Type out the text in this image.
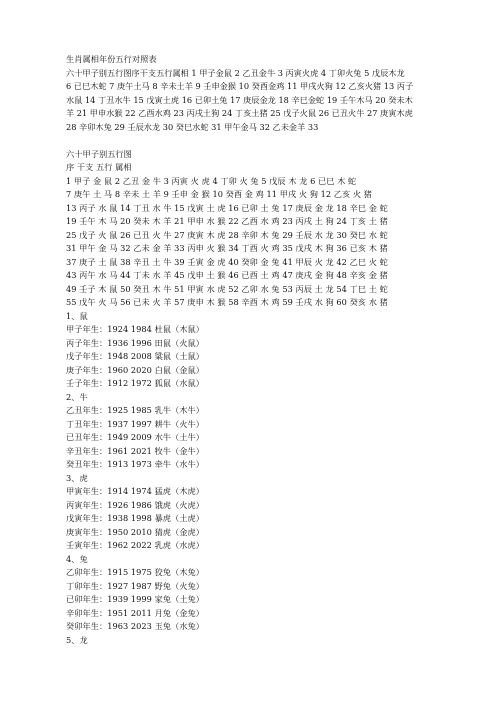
生肖属相年份五行对照表
六十甲子别五行图序干支五行属相 1 甲子金鼠 2 乙丑金牛 3 丙寅火虎 4 丁卯火兔 5 戊辰木龙
6 已巳木蛇 7 庚午土马 8 辛未土羊 9 壬申金猴 10 癸酉金鸡 11 甲戌火狗 12 乙亥火猪 13 丙子
水鼠 14 丁丑水牛 15 戊寅土虎 16 已卯土兔 17 庚辰金龙 18 辛巳金蛇 19 壬午木马 20 癸未木
羊 21 甲申水猴 22 乙酉水鸡 23 丙戌土狗 24 丁亥土猪 25 戊子火鼠 26 已丑火牛 27 庚寅木虎
28 辛卯木兔 29 壬辰水龙 30 癸巳水蛇 31 甲午金马 32 乙未金羊 33
六十甲子别五行图
序 干支 五行 属相
1 甲子 金 鼠 2 乙丑 金 牛 3 丙寅 火 虎 4 丁卯 火 兔 5 戊辰 木 龙 6 已巳 木 蛇
7 庚午 土 马 8 辛未 土 羊 9 壬申 金 猴 10 癸酉 金 鸡 11 甲戌 火 狗 12 乙亥 火 猪
13 丙子 水 鼠 14 丁丑 水 牛 15 戊寅 土 虎 16 已卯 土 兔 17 庚辰 金 龙 18 辛巳 金 蛇
19 壬午 木 马 20 癸未 木 羊 21 甲申 水 猴 22 乙酉 水 鸡 23 丙戌 土 狗 24 丁亥 土 猪
25 戊子 火 鼠 26 已丑 火 牛 27 庚寅 木 虎 28 辛卯 木 兔 29 壬辰 水 龙 30 癸巳 水 蛇
31 甲午 金 马 32 乙未 金 羊 33 丙申 火 猴 34 丁酉 火 鸡 35 戊戌 木 狗 36 已亥 木 猪
37 庚子 土 鼠 38 辛丑 土 牛 39 壬寅 金 虎 40 癸卯 金 兔 41 甲辰 火 龙 42 乙巳 火 蛇
43 丙午 水 马 44 丁未 水 羊 45 戊申 土 猴 46 已酉 土 鸡 47 庚戌 金 狗 48 辛亥 金 猪
49 壬子 木 鼠 50 癸丑 木 牛 51 甲寅 水 虎 52 乙卯 水 兔 53 丙辰 土 龙 54 丁巳 土 蛇
55 戊午 火 马 56 已未 火 羊 57 庚申 木 猴 58 辛酉 木 鸡 59 壬戌 水 狗 60 癸亥 水 猪
1、鼠
甲子年生：1924 1984 杜鼠（木鼠）
丙子年生：1936 1996 田鼠（火鼠）
戊子年生：1948 2008 粱鼠（土鼠）
庚子年生：1960 2020 白鼠（金鼠）
壬子年生：1912 1972 狐鼠（水鼠）
2、牛
乙丑年生：1925 1985 乳牛（木牛）
丁丑年生：1937 1997 耕牛（火牛）
已丑年生：1949 2009 水牛（土牛）
辛丑年生：1961 2021 牧牛（金牛）
癸丑年生：1913 1973 牵牛（水牛）
3、虎
甲寅年生：1914 1974 猛虎（木虎）
丙寅年生：1926 1986 饿虎（火虎）
戊寅年生：1938 1998 暴虎（土虎）
庚寅年生：1950 2010 猜虎（金虎）
壬寅年生：1962 2022 乳虎（水虎）
4、兔
乙卯年生：1915 1975 狡兔（木兔）
丁卯年生：1927 1987 野兔（火兔）
已卯年生：1939 1999 家兔（土兔）
辛卯年生：1951 2011 月兔（金兔）
癸卯年生：1963 2023 玉兔（水兔）
5、龙
